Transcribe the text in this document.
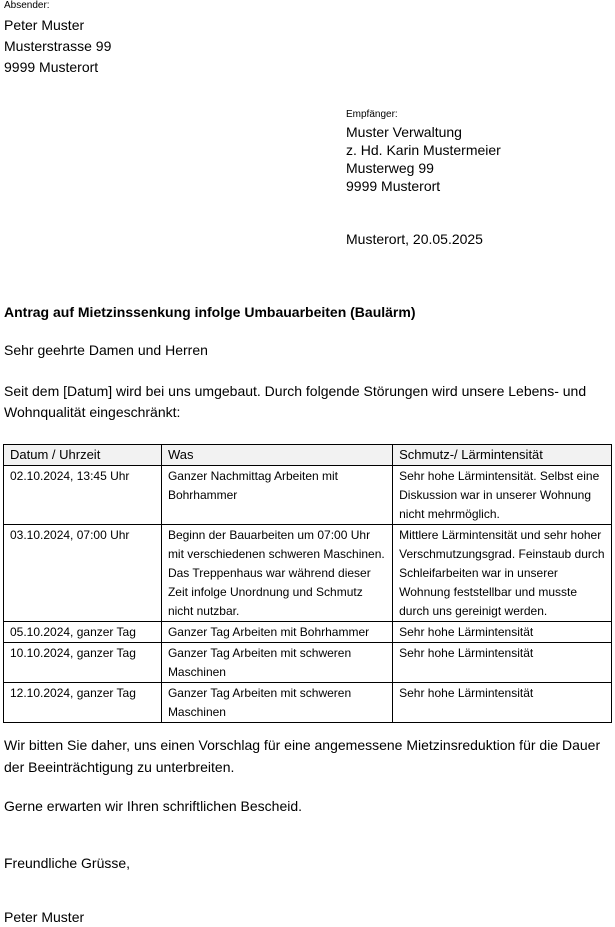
Absender:
Peter Muster
Musterstrasse 99
9999 Musterort
Empfänger:
Muster Verwaltung
z. Hd. Karin Mustermeier
Musterweg 99
9999 Musterort
Musterort, 20.05.2025
Antrag auf Mietzinssenkung infolge Umbauarbeiten (Baulärm)
Sehr geehrte Damen und Herren
Seit dem [Datum] wird bei uns umgebaut. Durch folgende Störungen wird unsere Lebens- und Wohnqualität eingeschränkt:
Datum / Uhrzeit	Was	Schmutz-/ Lärmintensität
02.10.2024, 13:45 Uhr	Ganzer Nachmittag Arbeiten mit Bohrhammer	Sehr hohe Lärmintensität. Selbst eine Diskussion war in unserer Wohnung nicht mehrmöglich.
03.10.2024, 07:00 Uhr	Beginn der Bauarbeiten um 07:00 Uhr mit verschiedenen schweren Maschinen. Das Treppenhaus war während dieser Zeit infolge Unordnung und Schmutz nicht nutzbar.	Mittlere Lärmintensität und sehr hoher Verschmutzungsgrad. Feinstaub durch Schleifarbeiten war in unserer Wohnung feststellbar und musste durch uns gereinigt werden.
05.10.2024, ganzer Tag	Ganzer Tag Arbeiten mit Bohrhammer	Sehr hohe Lärmintensität
10.10.2024, ganzer Tag	Ganzer Tag Arbeiten mit schweren Maschinen	Sehr hohe Lärmintensität
12.10.2024, ganzer Tag	Ganzer Tag Arbeiten mit schweren Maschinen	Sehr hohe Lärmintensität
Wir bitten Sie daher, uns einen Vorschlag für eine angemessene Mietzinsreduktion für die Dauer der Beeinträchtigung zu unterbreiten.
Gerne erwarten wir Ihren schriftlichen Bescheid.
Freundliche Grüsse,
Peter Muster
